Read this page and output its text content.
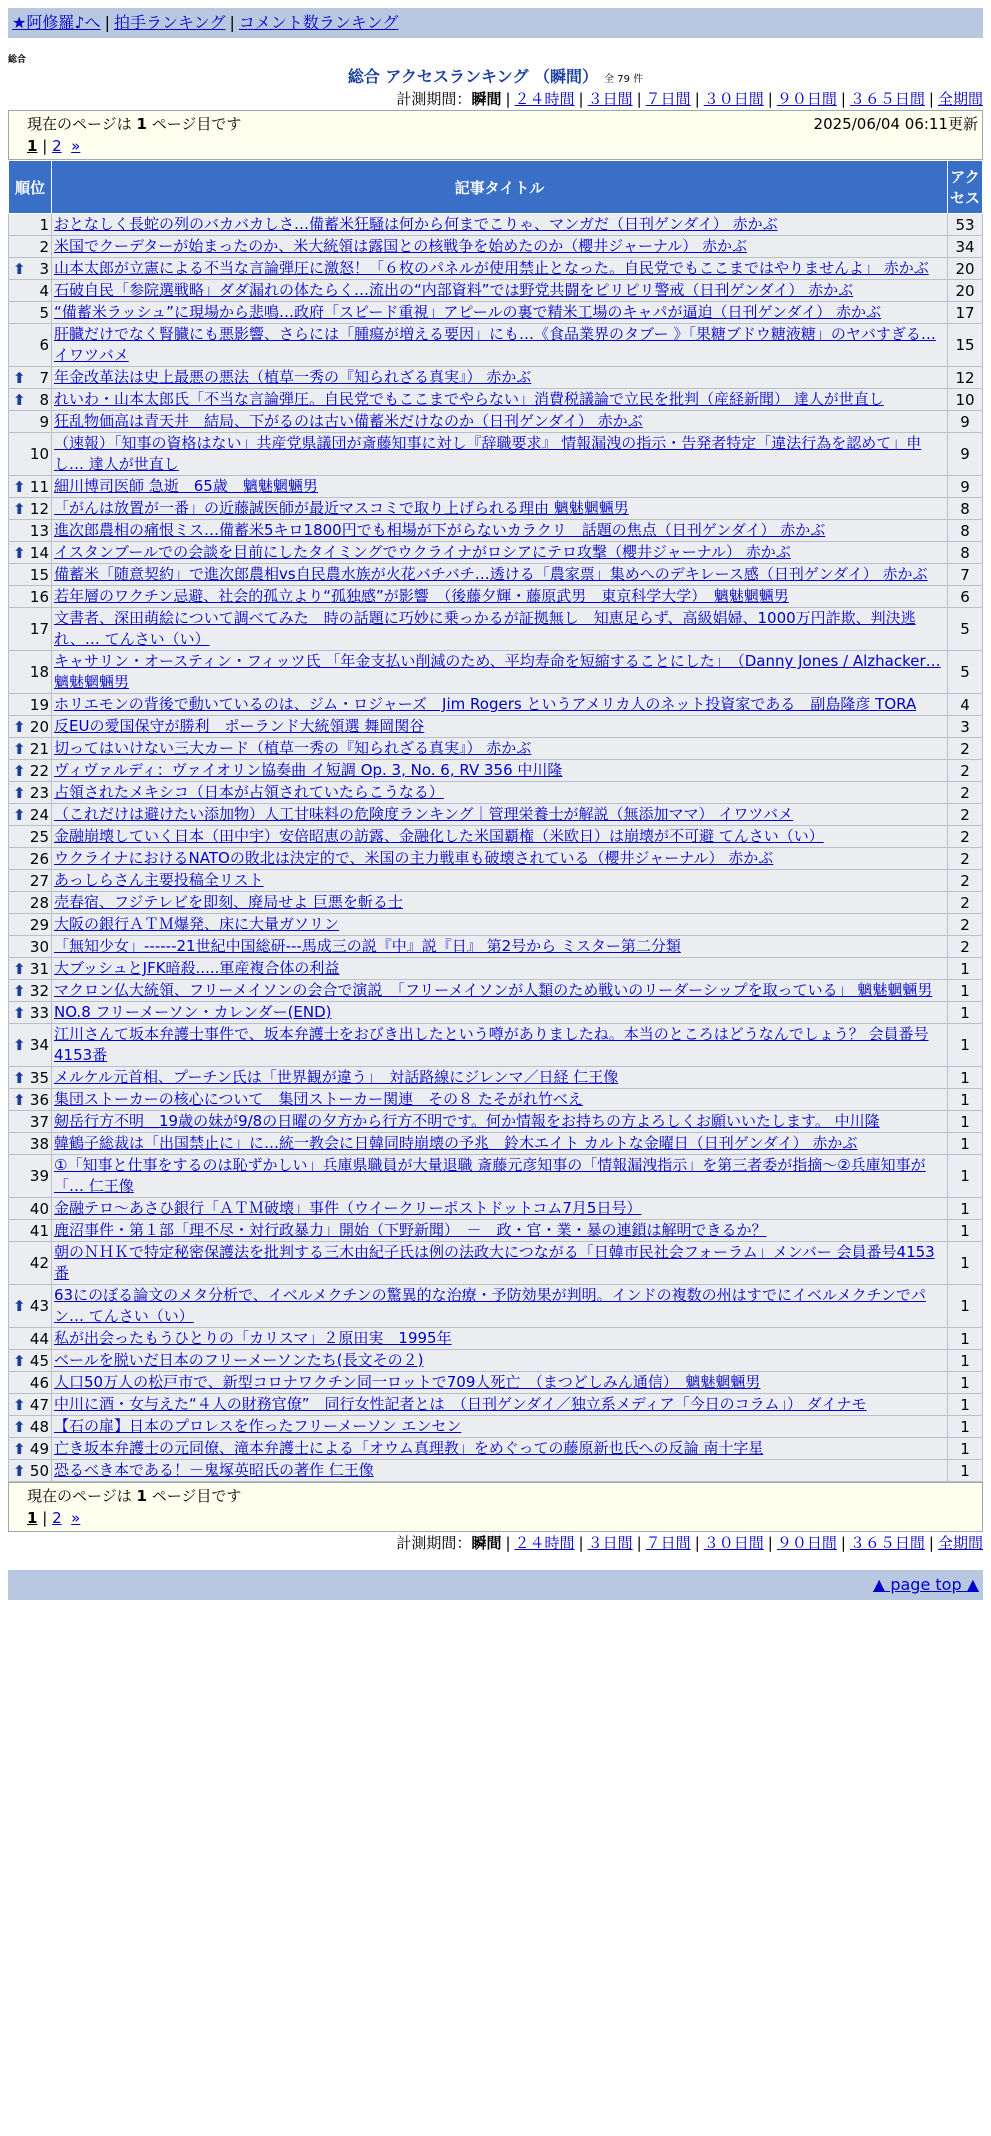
★阿修羅♪へ | 拍手ランキング | コメント数ランキング
総合
総合 アクセスランキング （瞬間） 全 79 件
計測期間：瞬間 | ２４時間 | ３日間 | ７日間 | ３０日間 | ９０日間 | ３６５日間 | 全期間
現在のページは 1 ページ目です	2025/06/04 06:11更新
1 | 2 »
順位	記事タイトル	アクセス
1	おとなしく長蛇の列のバカバカしさ…備蓄米狂騒は何から何までこりゃ、マンガだ（日刊ゲンダイ） 赤かぶ	53
2	米国でクーデターが始まったのか、米大統領は露国との核戦争を始めたのか（櫻井ジャーナル） 赤かぶ	34

⬆ 3	山本太郎が立憲による不当な言論弾圧に激怒！「６枚のパネルが使用禁止となった。自民党でもここまではやりませんよ」 赤かぶ	20
4	石破自民「参院選戦略」ダダ漏れの体たらく…流出の“内部資料”では野党共闘をピリピリ警戒（日刊ゲンダイ） 赤かぶ	20
5	“備蓄米ラッシュ”に現場から悲鳴…政府「スピード重視」アピールの裏で精米工場のキャパが逼迫（日刊ゲンダイ） 赤かぶ	17
6	肝臓だけでなく腎臓にも悪影響、さらには「腫瘍が増える要因」にも…《食品業界のタブー 》「果糖ブドウ糖液糖」のヤバすぎる… イワツバメ	15

⬆ 7	年金改革法は史上最悪の悪法（植草一秀の『知られざる真実』） 赤かぶ	12

⬆ 8	れいわ・山本太郎氏「不当な言論弾圧。自民党でもここまでやらない」消費税議論で立民を批判（産経新聞） 達人が世直し	10
9	狂乱物価高は青天井　結局、下がるのは古い備蓄米だけなのか（日刊ゲンダイ） 赤かぶ	9
10	（速報）「知事の資格はない」共産党県議団が斎藤知事に対し『辞職要求』 情報漏洩の指示・告発者特定「違法行為を認めて」申し… 達人が世直し	9

⬆ 11	細川博司医師 急逝　65歳　魑魅魍魎男	9

⬆ 12	「がんは放置が一番」の近藤誠医師が最近マスコミで取り上げられる理由 魑魅魍魎男	8
13	進次郎農相の痛恨ミス…備蓄米5キロ1800円でも相場が下がらないカラクリ　話題の焦点（日刊ゲンダイ） 赤かぶ	8

⬆ 14	イスタンブールでの会談を目前にしたタイミングでウクライナがロシアにテロ攻撃（櫻井ジャーナル） 赤かぶ	8
15	備蓄米「随意契約」で進次郎農相vs自民農水族が火花バチバチ…透ける「農家票」集めへのデキレース感（日刊ゲンダイ） 赤かぶ	7
16	若年層のワクチン忌避、社会的孤立より“孤独感”が影響　（後藤夕輝・藤原武男　東京科学大学）　魑魅魍魎男	6
17	文書者、深田萌絵について調べてみた　時の話題に巧妙に乗っかるが証拠無し　知恵足らず、高級娼婦、1000万円詐欺、判決逃れ、… てんさい（い）	5
18	キャサリン・オースティン・フィッツ氏 「年金支払い削減のため、平均寿命を短縮することにした」　（Danny Jones / Alzhacker… 魑魅魍魎男	5
19	ホリエモンの背後で動いているのは、ジム・ロジャーズ　Jim Rogers というアメリカ人のネット投資家である　副島隆彦 TORA	4

⬆ 20	反EUの愛国保守が勝利　ポーランド大統領選 舞岡関谷	3

⬆ 21	切ってはいけない三大カード（植草一秀の『知られざる真実』） 赤かぶ	2

⬆ 22	ヴィヴァルディ：ヴァイオリン協奏曲 イ短調 Op. 3, No. 6, RV 356 中川隆	2

⬆ 23	占領されたメキシコ（日本が占領されていたらこうなる）	2

⬆ 24	（これだけは避けたい添加物）人工甘味料の危険度ランキング｜管理栄養士が解説（無添加ママ） イワツバメ	2
25	金融崩壊していく日本（田中宇）安倍昭恵の訪露、金融化した米国覇権（米欧日）は崩壊が不可避 てんさい（い）	2
26	ウクライナにおけるNATOの敗北は決定的で、米国の主力戦車も破壊されている（櫻井ジャーナル） 赤かぶ	2
27	あっしらさん主要投稿全リスト	2
28	売春宿、フジテレビを即刻、廃局せよ 巨悪を斬る士	2
29	大阪の銀行ＡＴＭ爆発、床に大量ガソリン	2
30	「無知少女」------21世紀中国総研---馬成三の説『中』説『日』 第2号から ミスター第二分類	2

⬆ 31	大ブッシュとJFK暗殺.....軍産複合体の利益	1

⬆ 32	マクロン仏大統領、フリーメイソンの会合で演説　「フリーメイソンが人類のため戦いのリーダーシップを取っている」 魑魅魍魎男	1

⬆ 33	NO.8 フリーメーソン・カレンダー(END)	1

⬆ 34	江川さんて坂本弁護士事件で、坂本弁護士をおびき出したという噂がありましたね。本当のところはどうなんでしょう？ 会員番号4153番	1

⬆ 35	メルケル元首相、プーチン氏は「世界観が違う」　対話路線にジレンマ／日経 仁王像	1

⬆ 36	集団ストーカーの核心について　集団ストーカー関連　その８ たそがれ竹べえ	1
37	剱岳行方不明＿19歳の妹が9/8の日曜の夕方から行方不明です。何か情報をお持ちの方よろしくお願いいたします。 中川隆	1
38	韓鶴子総裁は「出国禁止に」に…統一教会に日韓同時崩壊の予兆　鈴木エイト カルトな金曜日（日刊ゲンダイ） 赤かぶ	1
39	①「知事と仕事をするのは恥ずかしい」兵庫県職員が大量退職 斎藤元彦知事の「情報漏洩指示」を第三者委が指摘～②兵庫知事が「… 仁王像	1
40	金融テロ～あさひ銀行「ＡＴＭ破壊」事件（ウイークリーポストドットコム7月5日号）	1
41	鹿沼事件・第１部「理不尽・対行政暴力」開始（下野新聞）　－　政・官・業・暴の連鎖は解明できるか？	1
42	朝のＮＨＫで特定秘密保護法を批判する三木由紀子氏は例の法政大につながる「日韓市民社会フォーラム」メンバー 会員番号4153番	1

⬆ 43	63にのぼる論文のメタ分析で、イベルメクチンの驚異的な治療・予防効果が判明。インドの複数の州はすでにイベルメクチンでパン… てんさい（い）	1
44	私が出会ったもうひとりの「カリスマ」２原田実　1995年	1

⬆ 45	ベールを脱いだ日本のフリーメーソンたち(長文その２)	1
46	人口50万人の松戸市で、新型コロナワクチン同一ロットで709人死亡　（まつどしみん通信）　魑魅魍魎男	1

⬆ 47	中川に酒・女与えた“４人の財務官僚”　同行女性記者とは　（日刊ゲンダイ／独立系メディア「今日のコラム」） ダイナモ	1

⬆ 48	【石の扉】日本のプロレスを作ったフリーメーソン エンセン	1

⬆ 49	亡き坂本弁護士の元同僚、滝本弁護士による「オウム真理教」をめぐっての藤原新也氏への反論 南十字星	1

⬆ 50	恐るべき本である！－鬼塚英昭氏の著作 仁王像	1
現在のページは 1 ページ目です
1 | 2 »
計測期間：瞬間 | ２４時間 | ３日間 | ７日間 | ３０日間 | ９０日間 | ３６５日間 | 全期間
▲ page top ▲
